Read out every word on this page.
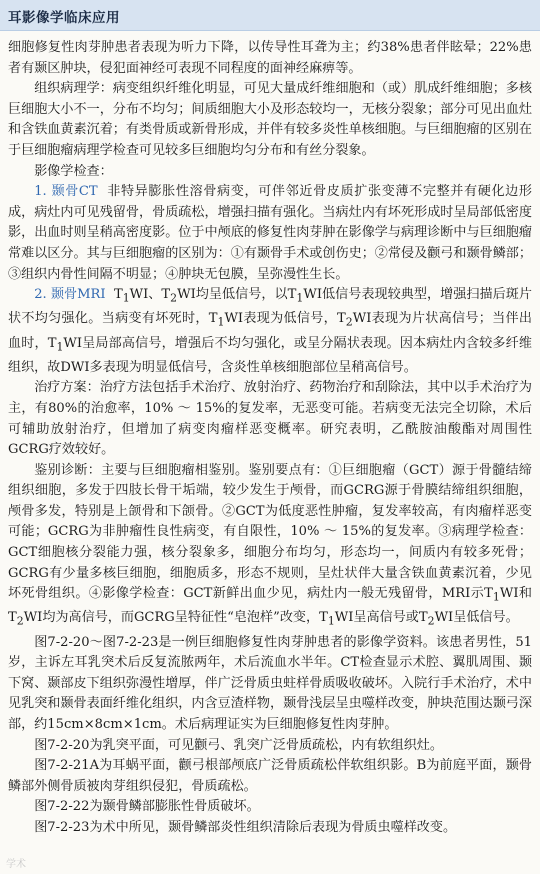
耳影像学临床应用

细胞修复性肉芽肿患者表现为听力下降，以传导性耳聋为主；约38%患者伴眩晕；22%患者有颞区肿块，侵犯面神经可表现不同程度的面神经麻痹等。

组织病理学：病变组织纤维化明显，可见大量成纤维细胞和（或）肌成纤维细胞；多核巨细胞大小不一，分布不均匀；间质细胞大小及形态较均一，无核分裂象；部分可见出血灶和含铁血黄素沉着；有类骨质或新骨形成，并伴有较多炎性单核细胞。与巨细胞瘤的区别在于巨细胞瘤病理学检查可见较多巨细胞均匀分布和有丝分裂象。

影像学检查：

1. 颞骨CT 非特异膨胀性溶骨病变，可伴邻近骨皮质扩张变薄不完整并有硬化边形成，病灶内可见残留骨，骨质疏松，增强扫描有强化。当病灶内有坏死形成时呈局部低密度影，出血时则呈稍高密度影。位于中颅底的修复性肉芽肿在影像学与病理诊断中与巨细胞瘤常难以区分。其与巨细胞瘤的区别为：①有颞骨手术或创伤史；②常侵及颧弓和颞骨鳞部；③组织内骨性间隔不明显；④肿块无包膜，呈弥漫性生长。

2. 颞骨MRI $T_1WI$、$T_2WI$均呈低信号，以$T_1WI$低信号表现较典型，增强扫描后斑片状不均匀强化。当病变有坏死时，$T_1WI$表现为低信号，$T_2WI$表现为片状高信号；当伴出血时，$T_1WI$呈局部高信号，增强后不均匀强化，或呈分隔状表现。因本病灶内含较多纤维组织，故DWI多表现为明显低信号，含炎性单核细胞部位呈稍高信号。

治疗方案：治疗方法包括手术治疗、放射治疗、药物治疗和刮除法，其中以手术治疗为主，有80%的治愈率，10% ～ 15%的复发率，无恶变可能。若病变无法完全切除，术后可辅助放射治疗，但增加了病变肉瘤样恶变概率。研究表明，乙酰胺油酸酯对周围性GCRG疗效较好。

鉴别诊断：主要与巨细胞瘤相鉴别。鉴别要点有：①巨细胞瘤（GCT）源于骨髓结缔组织细胞，多发于四肢长骨干垢端，较少发生于颅骨，而GCRG源于骨膜结缔组织细胞，颅骨多发，特别是上颌骨和下颌骨。②GCT为低度恶性肿瘤，复发率较高，有肉瘤样恶变可能；GCRG为非肿瘤性良性病变，有自限性，10% ～ 15%的复发率。③病理学检查：GCT细胞核分裂能力强，核分裂象多，细胞分布均匀，形态均一，间质内有较多死骨；GCRG有少量多核巨细胞，细胞质多，形态不规则，呈灶状伴大量含铁血黄素沉着，少见坏死骨组织。④影像学检查：GCT新鲜出血少见，病灶内一般无残留骨，MRI示$T_1WI$和$T_2WI$均为高信号，而GCRG呈特征性“皂泡样”改变，$T_1WI$呈高信号或$T_2WI$呈低信号。

图7-2-20～图7-2-23是一例巨细胞修复性肉芽肿患者的影像学资料。该患者男性，51岁，主诉左耳乳突术后反复流脓两年，术后流血水半年。CT检查显示术腔、翼肌周围、颞下窝、颞部皮下组织弥漫性增厚，伴广泛骨质虫蛀样骨质吸收破坏。入院行手术治疗，术中见乳突和颞骨表面纤维化组织，内含豆渣样物，颞骨浅层呈虫噬样改变，肿块范围达颞弓深部，约15cm×8cm×1cm。术后病理证实为巨细胞修复性肉芽肿。

图7-2-20为乳突平面，可见颧弓、乳突广泛骨质疏松，内有软组织灶。

图7-2-21A为耳蜗平面，颧弓根部颅底广泛骨质疏松伴软组织影。B为前庭平面，颞骨鳞部外侧骨质被肉芽组织侵犯，骨质疏松。

图7-2-22为颞骨鳞部膨胀性骨质破坏。

图7-2-23为术中所见，颞骨鳞部炎性组织清除后表现为骨质虫噬样改变。

学术
